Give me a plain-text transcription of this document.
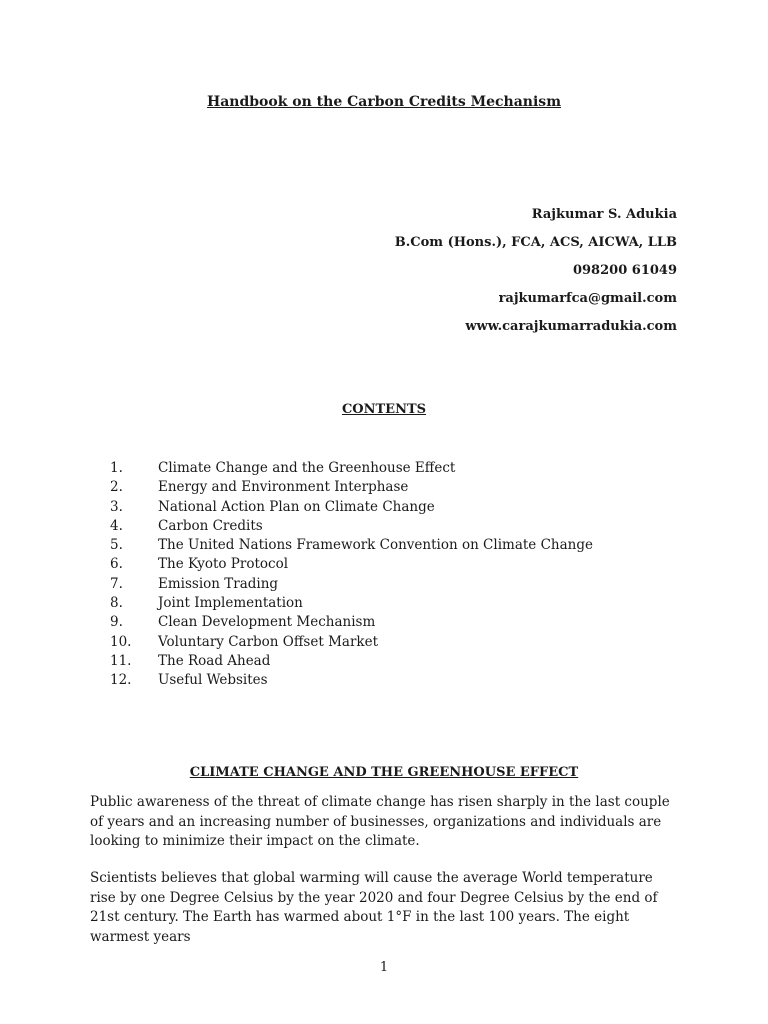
Handbook on the Carbon Credits Mechanism
Rajkumar S. Adukia
B.Com (Hons.), FCA, ACS, AICWA, LLB
098200 61049
rajkumarfca@gmail.com
www.carajkumarradukia.com
CONTENTS
1.	Climate Change and the Greenhouse Effect
2.	Energy and Environment Interphase
3.	National Action Plan on Climate Change
4.	Carbon Credits
5.	The United Nations Framework Convention on Climate Change
6.	The Kyoto Protocol
7.	Emission Trading
8.	Joint Implementation
9.	Clean Development Mechanism
10. Voluntary Carbon Offset Market
11. The Road Ahead
12. Useful Websites
CLIMATE CHANGE AND THE GREENHOUSE EFFECT

Public awareness of the threat of climate change has risen sharply in the last couple of years and an increasing number of businesses, organizations and individuals are looking to minimize their impact on the climate.

Scientists believes that global warming will cause the average World temperature rise by one Degree Celsius by the year 2020 and four Degree Celsius by the end of 21st century. The Earth has warmed about 1°F in the last 100 years. The eight warmest years

1
